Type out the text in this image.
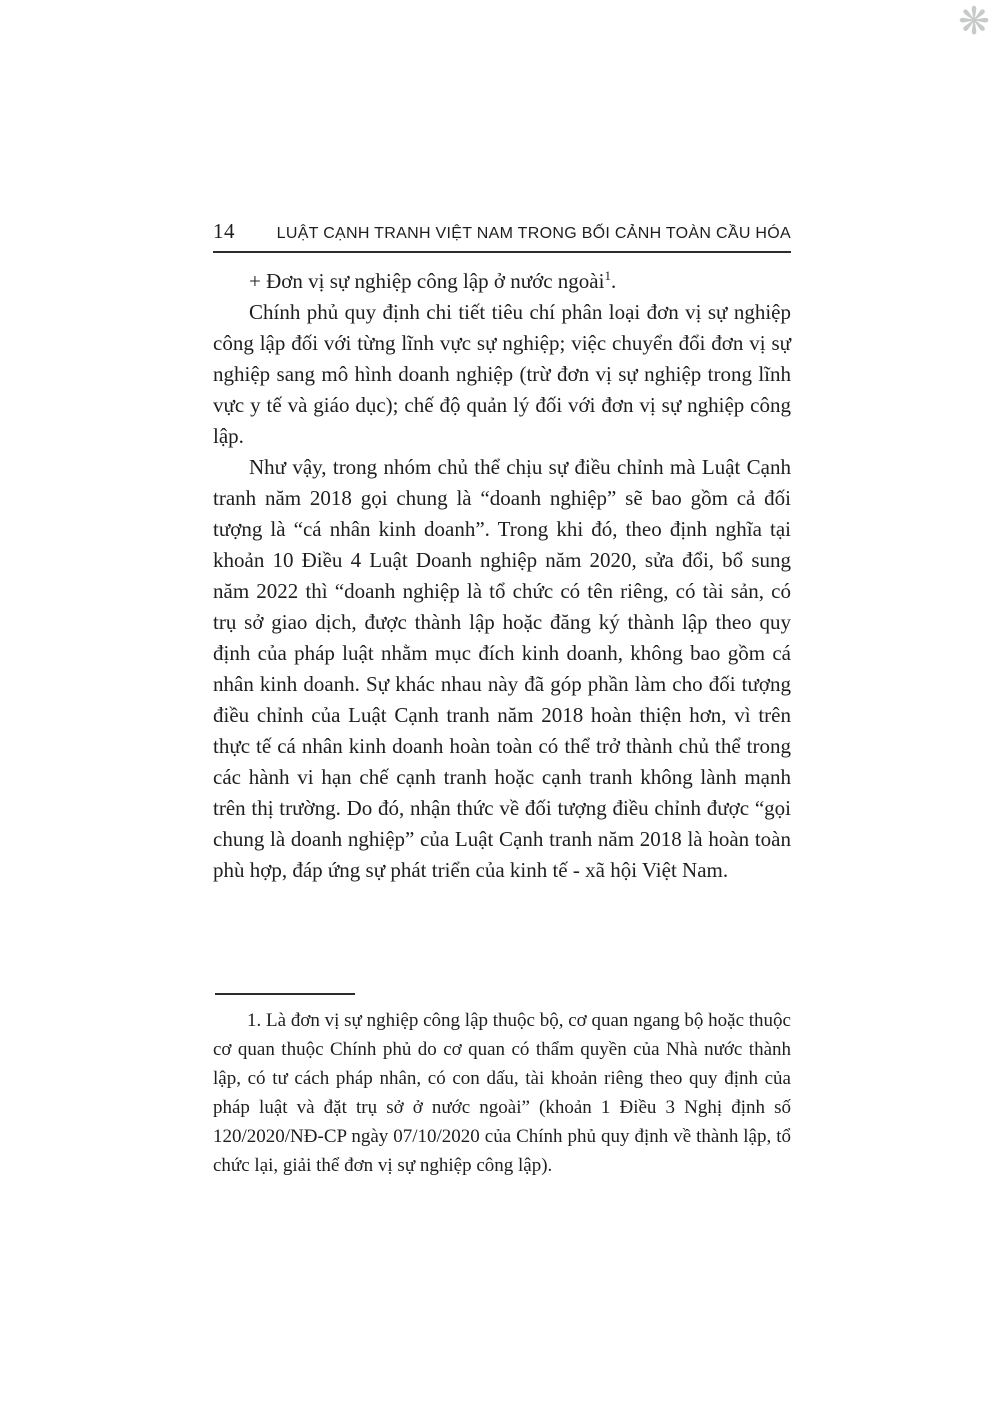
❋
14	LUẬT CẠNH TRANH VIỆT NAM TRONG BỐI CẢNH TOÀN CẦU HÓA

+ Đơn vị sự nghiệp công lập ở nước ngoài$^1$.

Chính phủ quy định chi tiết tiêu chí phân loại đơn vị sự nghiệp công lập đối với từng lĩnh vực sự nghiệp; việc chuyển đổi đơn vị sự nghiệp sang mô hình doanh nghiệp (trừ đơn vị sự nghiệp trong lĩnh vực y tế và giáo dục); chế độ quản lý đối với đơn vị sự nghiệp công lập.

Như vậy, trong nhóm chủ thể chịu sự điều chỉnh mà Luật Cạnh tranh năm 2018 gọi chung là “doanh nghiệp” sẽ bao gồm cả đối tượng là “cá nhân kinh doanh”. Trong khi đó, theo định nghĩa tại khoản 10 Điều 4 Luật Doanh nghiệp năm 2020, sửa đổi, bổ sung năm 2022 thì “doanh nghiệp là tổ chức có tên riêng, có tài sản, có trụ sở giao dịch, được thành lập hoặc đăng ký thành lập theo quy định của pháp luật nhằm mục đích kinh doanh, không bao gồm cá nhân kinh doanh. Sự khác nhau này đã góp phần làm cho đối tượng điều chỉnh của Luật Cạnh tranh năm 2018 hoàn thiện hơn, vì trên thực tế cá nhân kinh doanh hoàn toàn có thể trở thành chủ thể trong các hành vi hạn chế cạnh tranh hoặc cạnh tranh không lành mạnh trên thị trường. Do đó, nhận thức về đối tượng điều chỉnh được “gọi chung là doanh nghiệp” của Luật Cạnh tranh năm 2018 là hoàn toàn phù hợp, đáp ứng sự phát triển của kinh tế - xã hội Việt Nam.

1. Là đơn vị sự nghiệp công lập thuộc bộ, cơ quan ngang bộ hoặc thuộc cơ quan thuộc Chính phủ do cơ quan có thẩm quyền của Nhà nước thành lập, có tư cách pháp nhân, có con dấu, tài khoản riêng theo quy định của pháp luật và đặt trụ sở ở nước ngoài” (khoản 1 Điều 3 Nghị định số 120/2020/NĐ-CP ngày 07/10/2020 của Chính phủ quy định về thành lập, tổ chức lại, giải thể đơn vị sự nghiệp công lập).
